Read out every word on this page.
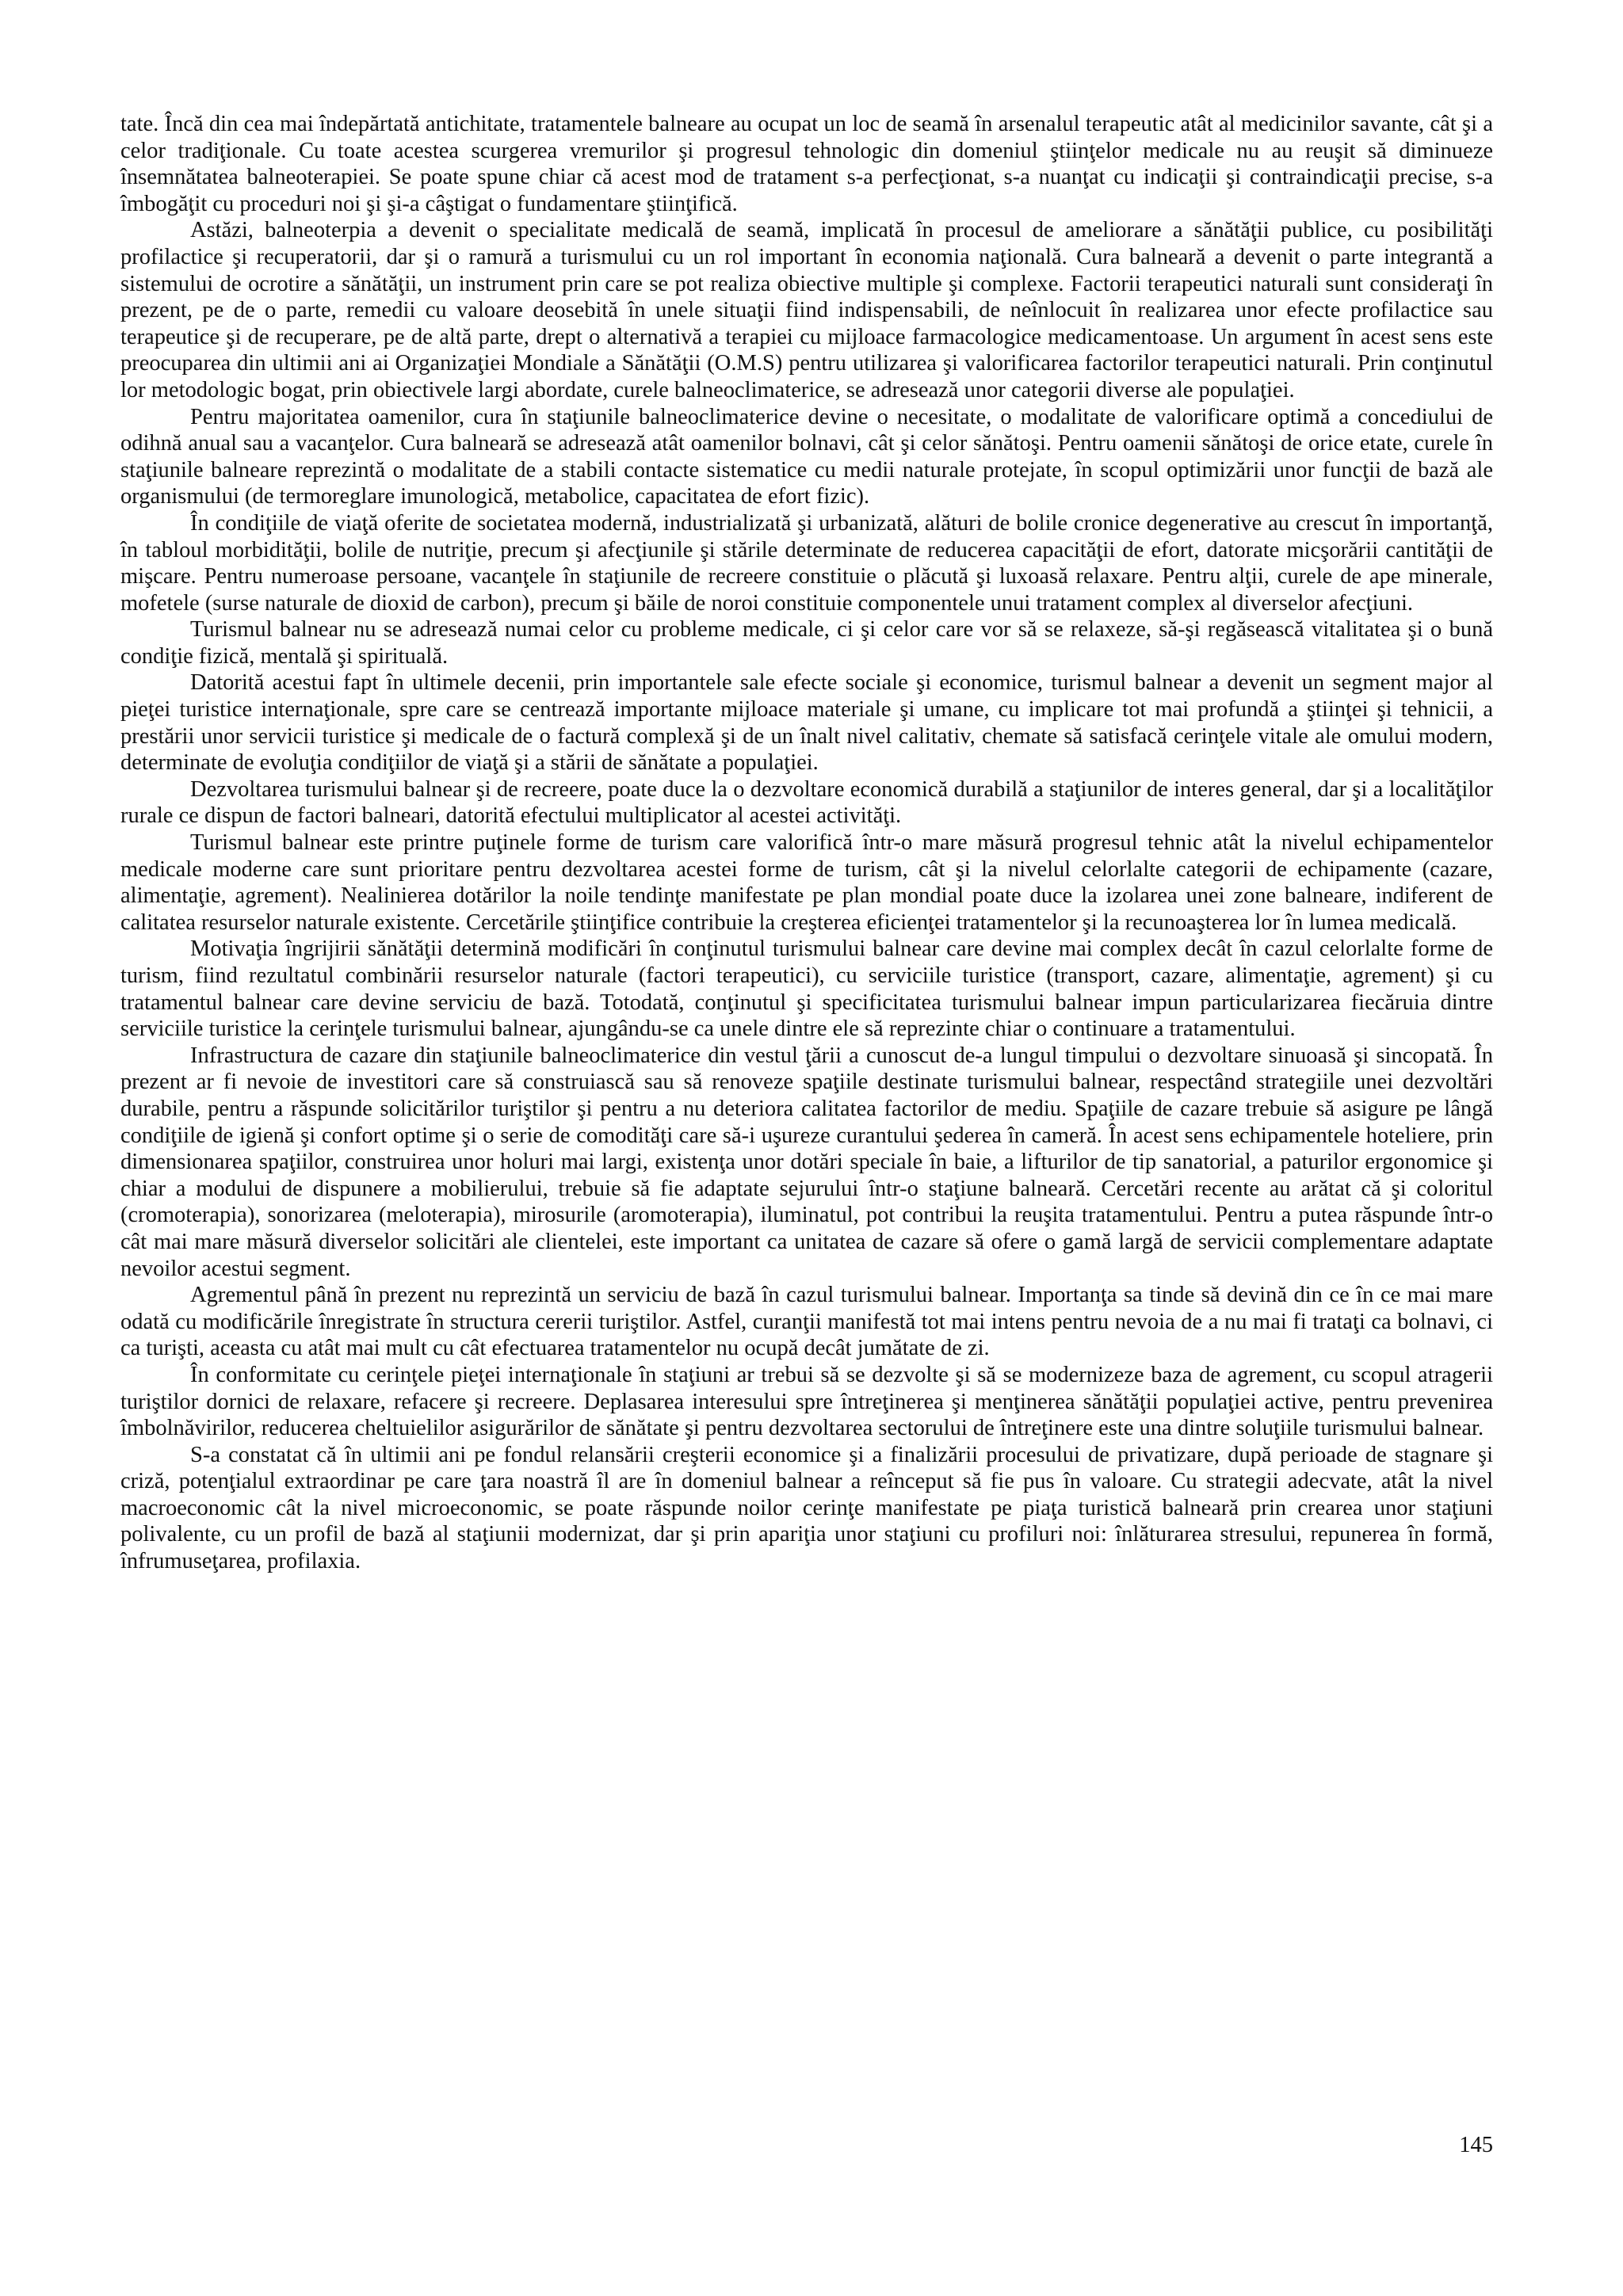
tate. Încă din cea mai îndepărtată antichitate, tratamentele balneare au ocupat un loc de seamă în arsenalul terapeutic atât al medicinilor savante, cât şi a celor tradiţionale. Cu toate acestea scurgerea vremurilor şi progresul tehnologic din domeniul ştiinţelor medicale nu au reuşit să diminueze însemnătatea balneoterapiei. Se poate spune chiar că acest mod de tratament s-a perfecţionat, s-a nuanţat cu indicaţii şi contraindicaţii precise, s-a îmbogăţit cu proceduri noi şi şi-a câştigat o fundamentare ştiinţifică.

Astăzi, balneoterpia a devenit o specialitate medicală de seamă, implicată în procesul de ameliorare a sănătăţii publice, cu posibilităţi profilactice şi recuperatorii, dar şi o ramură a turismului cu un rol important în economia naţională. Cura balneară a devenit o parte integrantă a sistemului de ocrotire a sănătăţii, un instrument prin care se pot realiza obiective multiple şi complexe. Factorii terapeutici naturali sunt consideraţi în prezent, pe de o parte, remedii cu valoare deosebită în unele situaţii fiind indispensabili, de neînlocuit în realizarea unor efecte profilactice sau terapeutice şi de recuperare, pe de altă parte, drept o alternativă a terapiei cu mijloace farmacologice medicamentoase. Un argument în acest sens este preocuparea din ultimii ani ai Organizaţiei Mondiale a Sănătăţii (O.M.S) pentru utilizarea şi valorificarea factorilor terapeutici naturali. Prin conţinutul lor metodologic bogat, prin obiectivele largi abordate, curele balneoclimaterice, se adresează unor categorii diverse ale populaţiei.

Pentru majoritatea oamenilor, cura în staţiunile balneoclimaterice devine o necesitate, o modalitate de valorificare optimă a concediului de odihnă anual sau a vacanţelor. Cura balneară se adresează atât oamenilor bolnavi, cât şi celor sănătoşi. Pentru oamenii sănătoşi de orice etate, curele în staţiunile balneare reprezintă o modalitate de a stabili contacte sistematice cu medii naturale protejate, în scopul optimizării unor funcţii de bază ale organismului (de termoreglare imunologică, metabolice, capacitatea de efort fizic).

În condiţiile de viaţă oferite de societatea modernă, industrializată şi urbanizată, alături de bolile cronice degenerative au crescut în importanţă, în tabloul morbidităţii, bolile de nutriţie, precum şi afecţiunile şi stările determinate de reducerea capacităţii de efort, datorate micşorării cantităţii de mişcare. Pentru numeroase persoane, vacanţele în staţiunile de recreere constituie o plăcută şi luxoasă relaxare. Pentru alţii, curele de ape minerale, mofetele (surse naturale de dioxid de carbon), precum şi băile de noroi constituie componentele unui tratament complex al diverselor afecţiuni.

Turismul balnear nu se adresează numai celor cu probleme medicale, ci şi celor care vor să se relaxeze, să-şi regăsească vitalitatea şi o bună condiţie fizică, mentală şi spirituală.

Datorită acestui fapt în ultimele decenii, prin importantele sale efecte sociale şi economice, turismul balnear a devenit un segment major al pieţei turistice internaţionale, spre care se centrează importante mijloace materiale şi umane, cu implicare tot mai profundă a ştiinţei şi tehnicii, a prestării unor servicii turistice şi medicale de o factură complexă şi de un înalt nivel calitativ, chemate să satisfacă cerinţele vitale ale omului modern, determinate de evoluţia condiţiilor de viaţă şi a stării de sănătate a populaţiei.

Dezvoltarea turismului balnear şi de recreere, poate duce la o dezvoltare economică durabilă a staţiunilor de interes general, dar şi a localităţilor rurale ce dispun de factori balneari, datorită efectului multiplicator al acestei activităţi.

Turismul balnear este printre puţinele forme de turism care valorifică într-o mare măsură progresul tehnic atât la nivelul echipamentelor medicale moderne care sunt prioritare pentru dezvoltarea acestei forme de turism, cât şi la nivelul celorlalte categorii de echipamente (cazare, alimentaţie, agrement). Nealinierea dotărilor la noile tendinţe manifestate pe plan mondial poate duce la izolarea unei zone balneare, indiferent de calitatea resurselor naturale existente. Cercetările ştiinţifice contribuie la creşterea eficienţei tratamentelor şi la recunoaşterea lor în lumea medicală.

Motivaţia îngrijirii sănătăţii determină modificări în conţinutul turismului balnear care devine mai complex decât în cazul celorlalte forme de turism, fiind rezultatul combinării resurselor naturale (factori terapeutici), cu serviciile turistice (transport, cazare, alimentaţie, agrement) şi cu tratamentul balnear care devine serviciu de bază. Totodată, conţinutul şi specificitatea turismului balnear impun particularizarea fiecăruia dintre serviciile turistice la cerinţele turismului balnear, ajungându-se ca unele dintre ele să reprezinte chiar o continuare a tratamentului.

Infrastructura de cazare din staţiunile balneoclimaterice din vestul ţării a cunoscut de-a lungul timpului o dezvoltare sinuoasă şi sincopată. În prezent ar fi nevoie de investitori care să construiască sau să renoveze spaţiile destinate turismului balnear, respectând strategiile unei dezvoltări durabile, pentru a răspunde solicitărilor turiştilor şi pentru a nu deteriora calitatea factorilor de mediu. Spaţiile de cazare trebuie să asigure pe lângă condiţiile de igienă şi confort optime şi o serie de comodităţi care să-i uşureze curantului şederea în cameră. În acest sens echipamentele hoteliere, prin dimensionarea spaţiilor, construirea unor holuri mai largi, existenţa unor dotări speciale în baie, a lifturilor de tip sanatorial, a paturilor ergonomice şi chiar a modului de dispunere a mobilierului, trebuie să fie adaptate sejurului într-o staţiune balneară. Cercetări recente au arătat că şi coloritul (cromoterapia), sonorizarea (meloterapia), mirosurile (aromoterapia), iluminatul, pot contribui la reuşita tratamentului. Pentru a putea răspunde într-o cât mai mare măsură diverselor solicitări ale clientelei, este important ca unitatea de cazare să ofere o gamă largă de servicii complementare adaptate nevoilor acestui segment.

Agrementul până în prezent nu reprezintă un serviciu de bază în cazul turismului balnear. Importanţa sa tinde să devină din ce în ce mai mare odată cu modificările înregistrate în structura cererii turiştilor. Astfel, curanţii manifestă tot mai intens pentru nevoia de a nu mai fi trataţi ca bolnavi, ci ca turişti, aceasta cu atât mai mult cu cât efectuarea tratamentelor nu ocupă decât jumătate de zi.

În conformitate cu cerinţele pieţei internaţionale în staţiuni ar trebui să se dezvolte şi să se modernizeze baza de agrement, cu scopul atragerii turiştilor dornici de relaxare, refacere şi recreere. Deplasarea interesului spre întreţinerea şi menţinerea sănătăţii populaţiei active, pentru prevenirea îmbolnăvirilor, reducerea cheltuielilor asigurărilor de sănătate şi pentru dezvoltarea sectorului de întreţinere este una dintre soluţiile turismului balnear.

S-a constatat că în ultimii ani pe fondul relansării creşterii economice şi a finalizării procesului de privatizare, după perioade de stagnare şi criză, potenţialul extraordinar pe care ţara noastră îl are în domeniul balnear a reînceput să fie pus în valoare. Cu strategii adecvate, atât la nivel macroeconomic cât la nivel microeconomic, se poate răspunde noilor cerinţe manifestate pe piaţa turistică balneară prin crearea unor staţiuni polivalente, cu un profil de bază al staţiunii modernizat, dar şi prin apariţia unor staţiuni cu profiluri noi: înlăturarea stresului, repunerea în formă, înfrumuseţarea, profilaxia.

145
